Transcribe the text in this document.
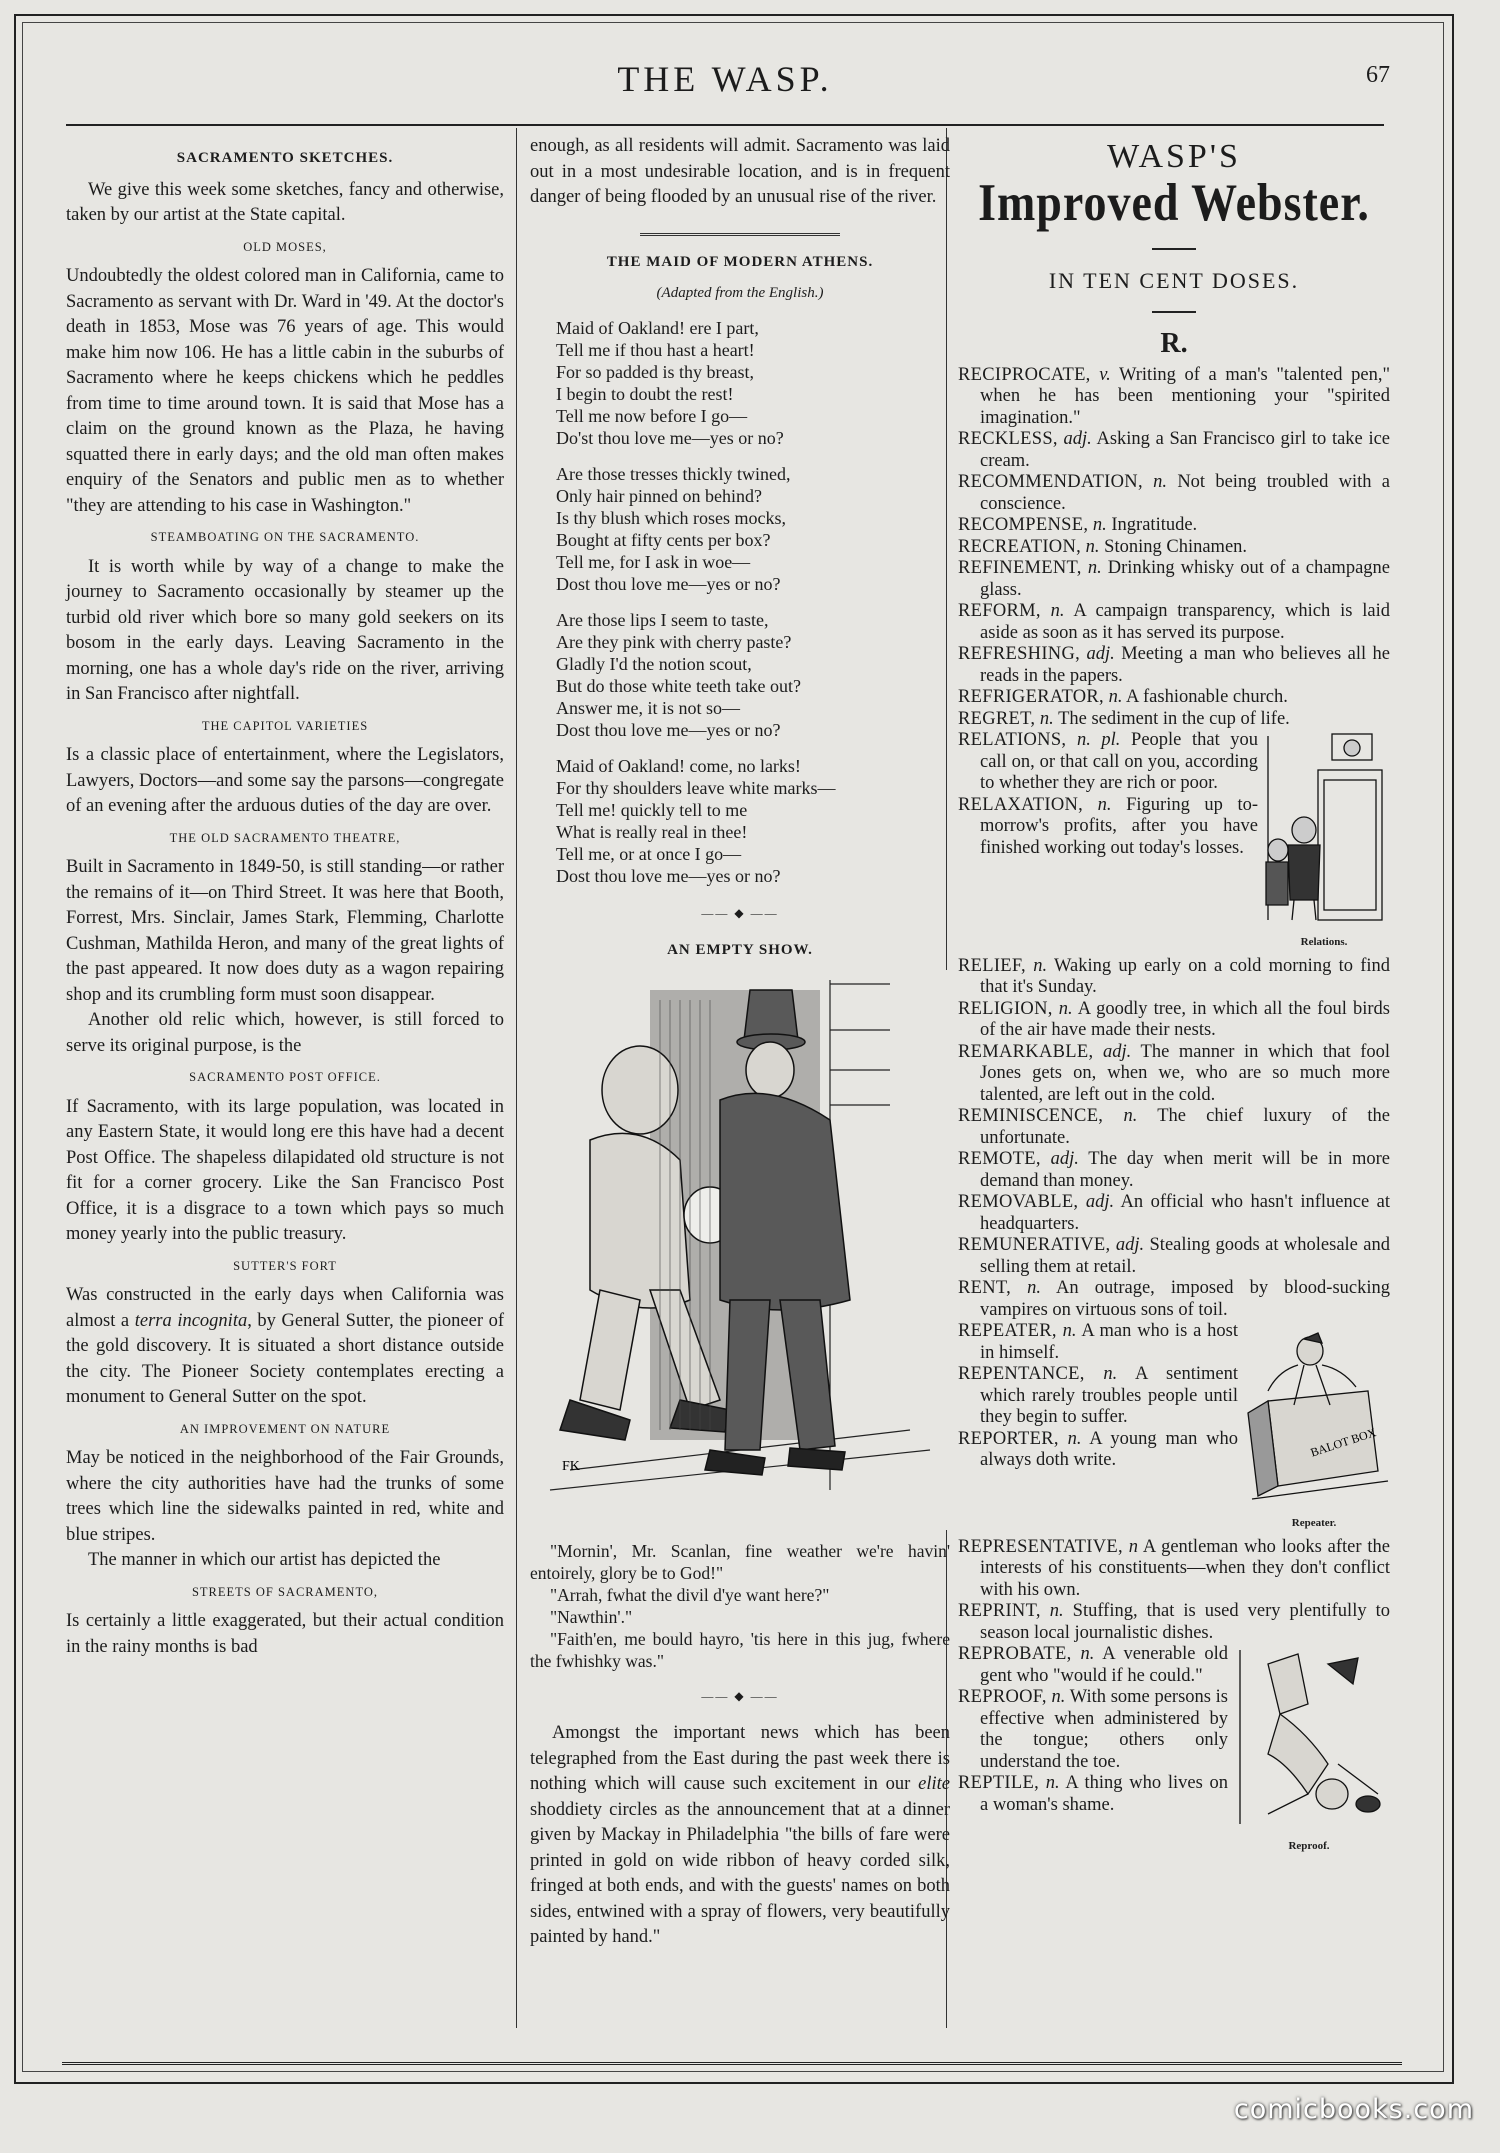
THE WASP.	67
SACRAMENTO SKETCHES.

We give this week some sketches, fancy and otherwise, taken by our artist at the State capital.

OLD MOSES,

Undoubtedly the oldest colored man in California, came to Sacramento as servant with Dr. Ward in '49. At the doctor's death in 1853, Mose was 76 years of age. This would make him now 106. He has a little cabin in the suburbs of Sacramento where he keeps chickens which he peddles from time to time around town. It is said that Mose has a claim on the ground known as the Plaza, he having squatted there in early days; and the old man often makes enquiry of the Senators and public men as to whether "they are attending to his case in Washington."

STEAMBOATING ON THE SACRAMENTO.

It is worth while by way of a change to make the journey to Sacramento occasionally by steamer up the turbid old river which bore so many gold seekers on its bosom in the early days. Leaving Sacramento in the morning, one has a whole day's ride on the river, arriving in San Francisco after nightfall.

THE CAPITOL VARIETIES

Is a classic place of entertainment, where the Legislators, Lawyers, Doctors—and some say the parsons—congregate of an evening after the arduous duties of the day are over.

THE OLD SACRAMENTO THEATRE,

Built in Sacramento in 1849-50, is still standing—or rather the remains of it—on Third Street. It was here that Booth, Forrest, Mrs. Sinclair, James Stark, Flemming, Charlotte Cushman, Mathilda Heron, and many of the great lights of the past appeared. It now does duty as a wagon repairing shop and its crumbling form must soon disappear.

Another old relic which, however, is still forced to serve its original purpose, is the

SACRAMENTO POST OFFICE.

If Sacramento, with its large population, was located in any Eastern State, it would long ere this have had a decent Post Office. The shapeless dilapidated old structure is not fit for a corner grocery. Like the San Francisco Post Office, it is a disgrace to a town which pays so much money yearly into the public treasury.

SUTTER'S FORT

Was constructed in the early days when California was almost a terra incognita, by General Sutter, the pioneer of the gold discovery. It is situated a short distance outside the city. The Pioneer Society contemplates erecting a monument to General Sutter on the spot.

AN IMPROVEMENT ON NATURE

May be noticed in the neighborhood of the Fair Grounds, where the city authorities have had the trunks of some trees which line the sidewalks painted in red, white and blue stripes.

The manner in which our artist has depicted the

STREETS OF SACRAMENTO,

Is certainly a little exaggerated, but their actual condition in the rainy months is bad

enough, as all residents will admit. Sacramento was laid out in a most undesirable location, and is in frequent danger of being flooded by an unusual rise of the river.

THE MAID OF MODERN ATHENS.
(Adapted from the English.)
Maid of Oakland! ere I part,
Tell me if thou hast a heart!
For so padded is thy breast,
I begin to doubt the rest!
Tell me now before I go—
Do'st thou love me—yes or no?
Are those tresses thickly twined,
Only hair pinned on behind?
Is thy blush which roses mocks,
Bought at fifty cents per box?
Tell me, for I ask in woe—
Dost thou love me—yes or no?
Are those lips I seem to taste,
Are they pink with cherry paste?
Gladly I'd the notion scout,
But do those white teeth take out?
Answer me, it is not so—
Dost thou love me—yes or no?
Maid of Oakland! come, no larks!
For thy shoulders leave white marks—
Tell me! quickly tell to me
What is really real in thee!
Tell me, or at once I go—
Dost thou love me—yes or no?
—— ◆ ——
AN EMPTY SHOW.
FK

"Mornin', Mr. Scanlan, fine weather we're havin' entoirely, glory be to God!"

"Arrah, fwhat the divil d'ye want here?"

"Nawthin'."

"Faith'en, me bould hayro, 'tis here in this jug, fwhere the fwhishky was."

—— ◆ ——

Amongst the important news which has been telegraphed from the East during the past week there is nothing which will cause such excitement in our elite shoddiety circles as the announcement that at a dinner given by Mackay in Philadelphia "the bills of fare were printed in gold on wide ribbon of heavy corded silk, fringed at both ends, and with the guests' names on both sides, entwined with a spray of flowers, very beautifully painted by hand."

WASP'S
Improved Webster.
IN TEN CENT DOSES.
R.

RECIPROCATE, v. Writing of a man's "talented pen," when he has been mentioning your "spirited imagination."

RECKLESS, adj. Asking a San Francisco girl to take ice cream.

RECOMMENDATION, n. Not being troubled with a conscience.

RECOMPENSE, n. Ingratitude.

RECREATION, n. Stoning Chinamen.

REFINEMENT, n. Drinking whisky out of a champagne glass.

REFORM, n. A campaign transparency, which is laid aside as soon as it has served its purpose.

REFRESHING, adj. Meeting a man who believes all he reads in the papers.

REFRIGERATOR, n. A fashionable church.

REGRET, n. The sediment in the cup of life.

RELATIONS, n. pl. People that you call on, or that call on you, according to whether they are rich or poor.

RELAXATION, n. Figuring up to-morrow's profits, after you have finished working out today's losses.

Relations.

RELIEF, n. Waking up early on a cold morning to find that it's Sunday.

RELIGION, n. A goodly tree, in which all the foul birds of the air have made their nests.

REMARKABLE, adj. The manner in which that fool Jones gets on, when we, who are so much more talented, are left out in the cold.

REMINISCENCE, n. The chief luxury of the unfortunate.

REMOTE, adj. The day when merit will be in more demand than money.

REMOVABLE, adj. An official who hasn't influence at headquarters.

REMUNERATIVE, adj. Stealing goods at wholesale and selling them at retail.

RENT, n. An outrage, imposed by blood-sucking vampires on virtuous sons of toil.

REPEATER, n. A man who is a host in himself.

REPENTANCE, n. A sentiment which rarely troubles people until they begin to suffer.

REPORTER, n. A young man who always doth write.

BALOT BOX
Repeater.

REPRESENTATIVE, n A gentleman who looks after the interests of his constituents—when they don't conflict with his own.

REPRINT, n. Stuffing, that is used very plentifully to season local journalistic dishes.

REPROBATE, n. A venerable old gent who "would if he could."

REPROOF, n. With some persons is effective when administered by the tongue; others only understand the toe.

REPTILE, n. A thing who lives on a woman's shame.

Reproof.
comicbooks.com
